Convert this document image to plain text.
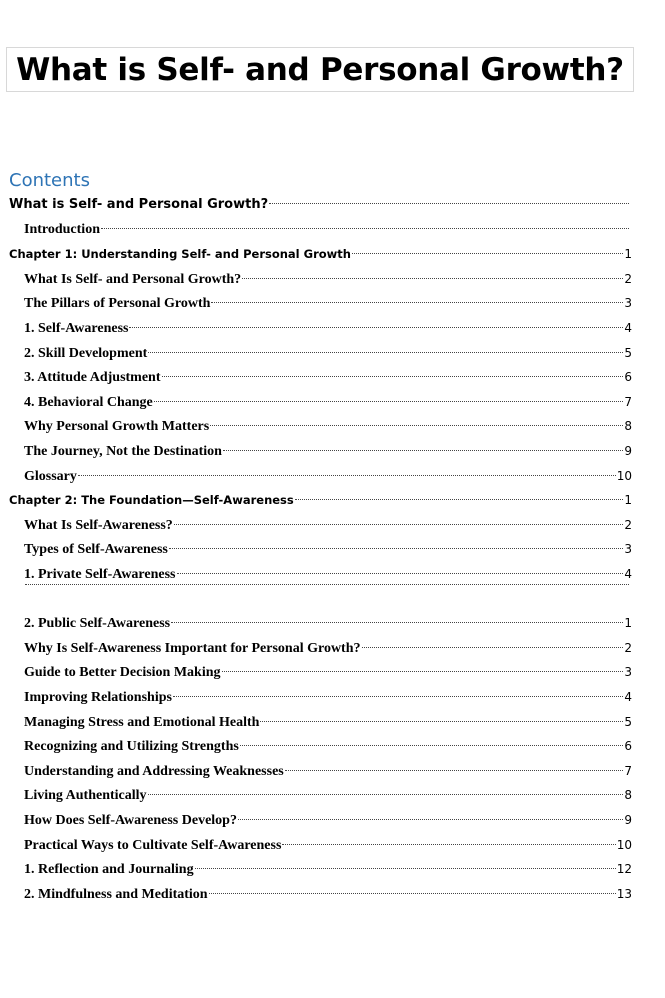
What is Self- and Personal Growth?
Contents
What is Self- and Personal Growth?
Introduction
Chapter 1: Understanding Self- and Personal Growth	1
What Is Self- and Personal Growth?	2
The Pillars of Personal Growth	3
1. Self-Awareness	4
2. Skill Development	5
3. Attitude Adjustment	6
4. Behavioral Change	7
Why Personal Growth Matters	8
The Journey, Not the Destination	9
Glossary	10
Chapter 2: The Foundation—Self-Awareness	1
What Is Self-Awareness?	2
Types of Self-Awareness	3
1. Private Self-Awareness	4
2. Public Self-Awareness	1
Why Is Self-Awareness Important for Personal Growth?	2
Guide to Better Decision Making	3
Improving Relationships	4
Managing Stress and Emotional Health	5
Recognizing and Utilizing Strengths	6
Understanding and Addressing Weaknesses	7
Living Authentically	8
How Does Self-Awareness Develop?	9
Practical Ways to Cultivate Self-Awareness	10
1. Reflection and Journaling	12
2. Mindfulness and Meditation	13
